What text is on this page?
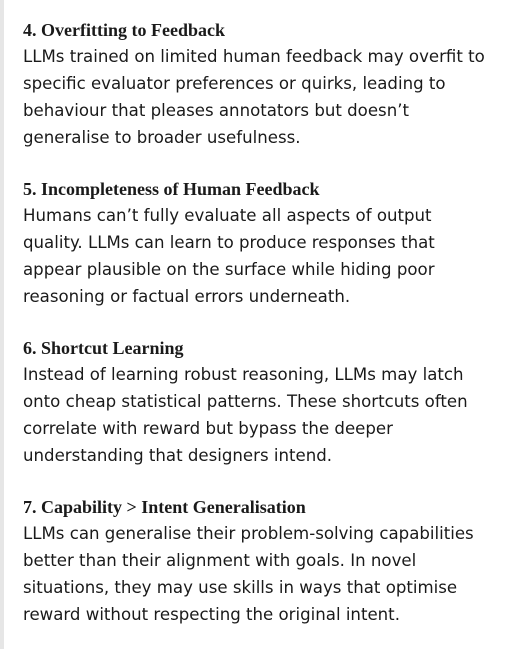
4. Overfitting to Feedback

LLMs trained on limited human feedback may overfit to
specific evaluator preferences or quirks, leading to
behaviour that pleases annotators but doesn’t
generalise to broader usefulness.

5. Incompleteness of Human Feedback

Humans can’t fully evaluate all aspects of output
quality. LLMs can learn to produce responses that
appear plausible on the surface while hiding poor
reasoning or factual errors underneath.

6. Shortcut Learning

Instead of learning robust reasoning, LLMs may latch
onto cheap statistical patterns. These shortcuts often
correlate with reward but bypass the deeper
understanding that designers intend.

7. Capability > Intent Generalisation

LLMs can generalise their problem-solving capabilities
better than their alignment with goals. In novel
situations, they may use skills in ways that optimise
reward without respecting the original intent.
